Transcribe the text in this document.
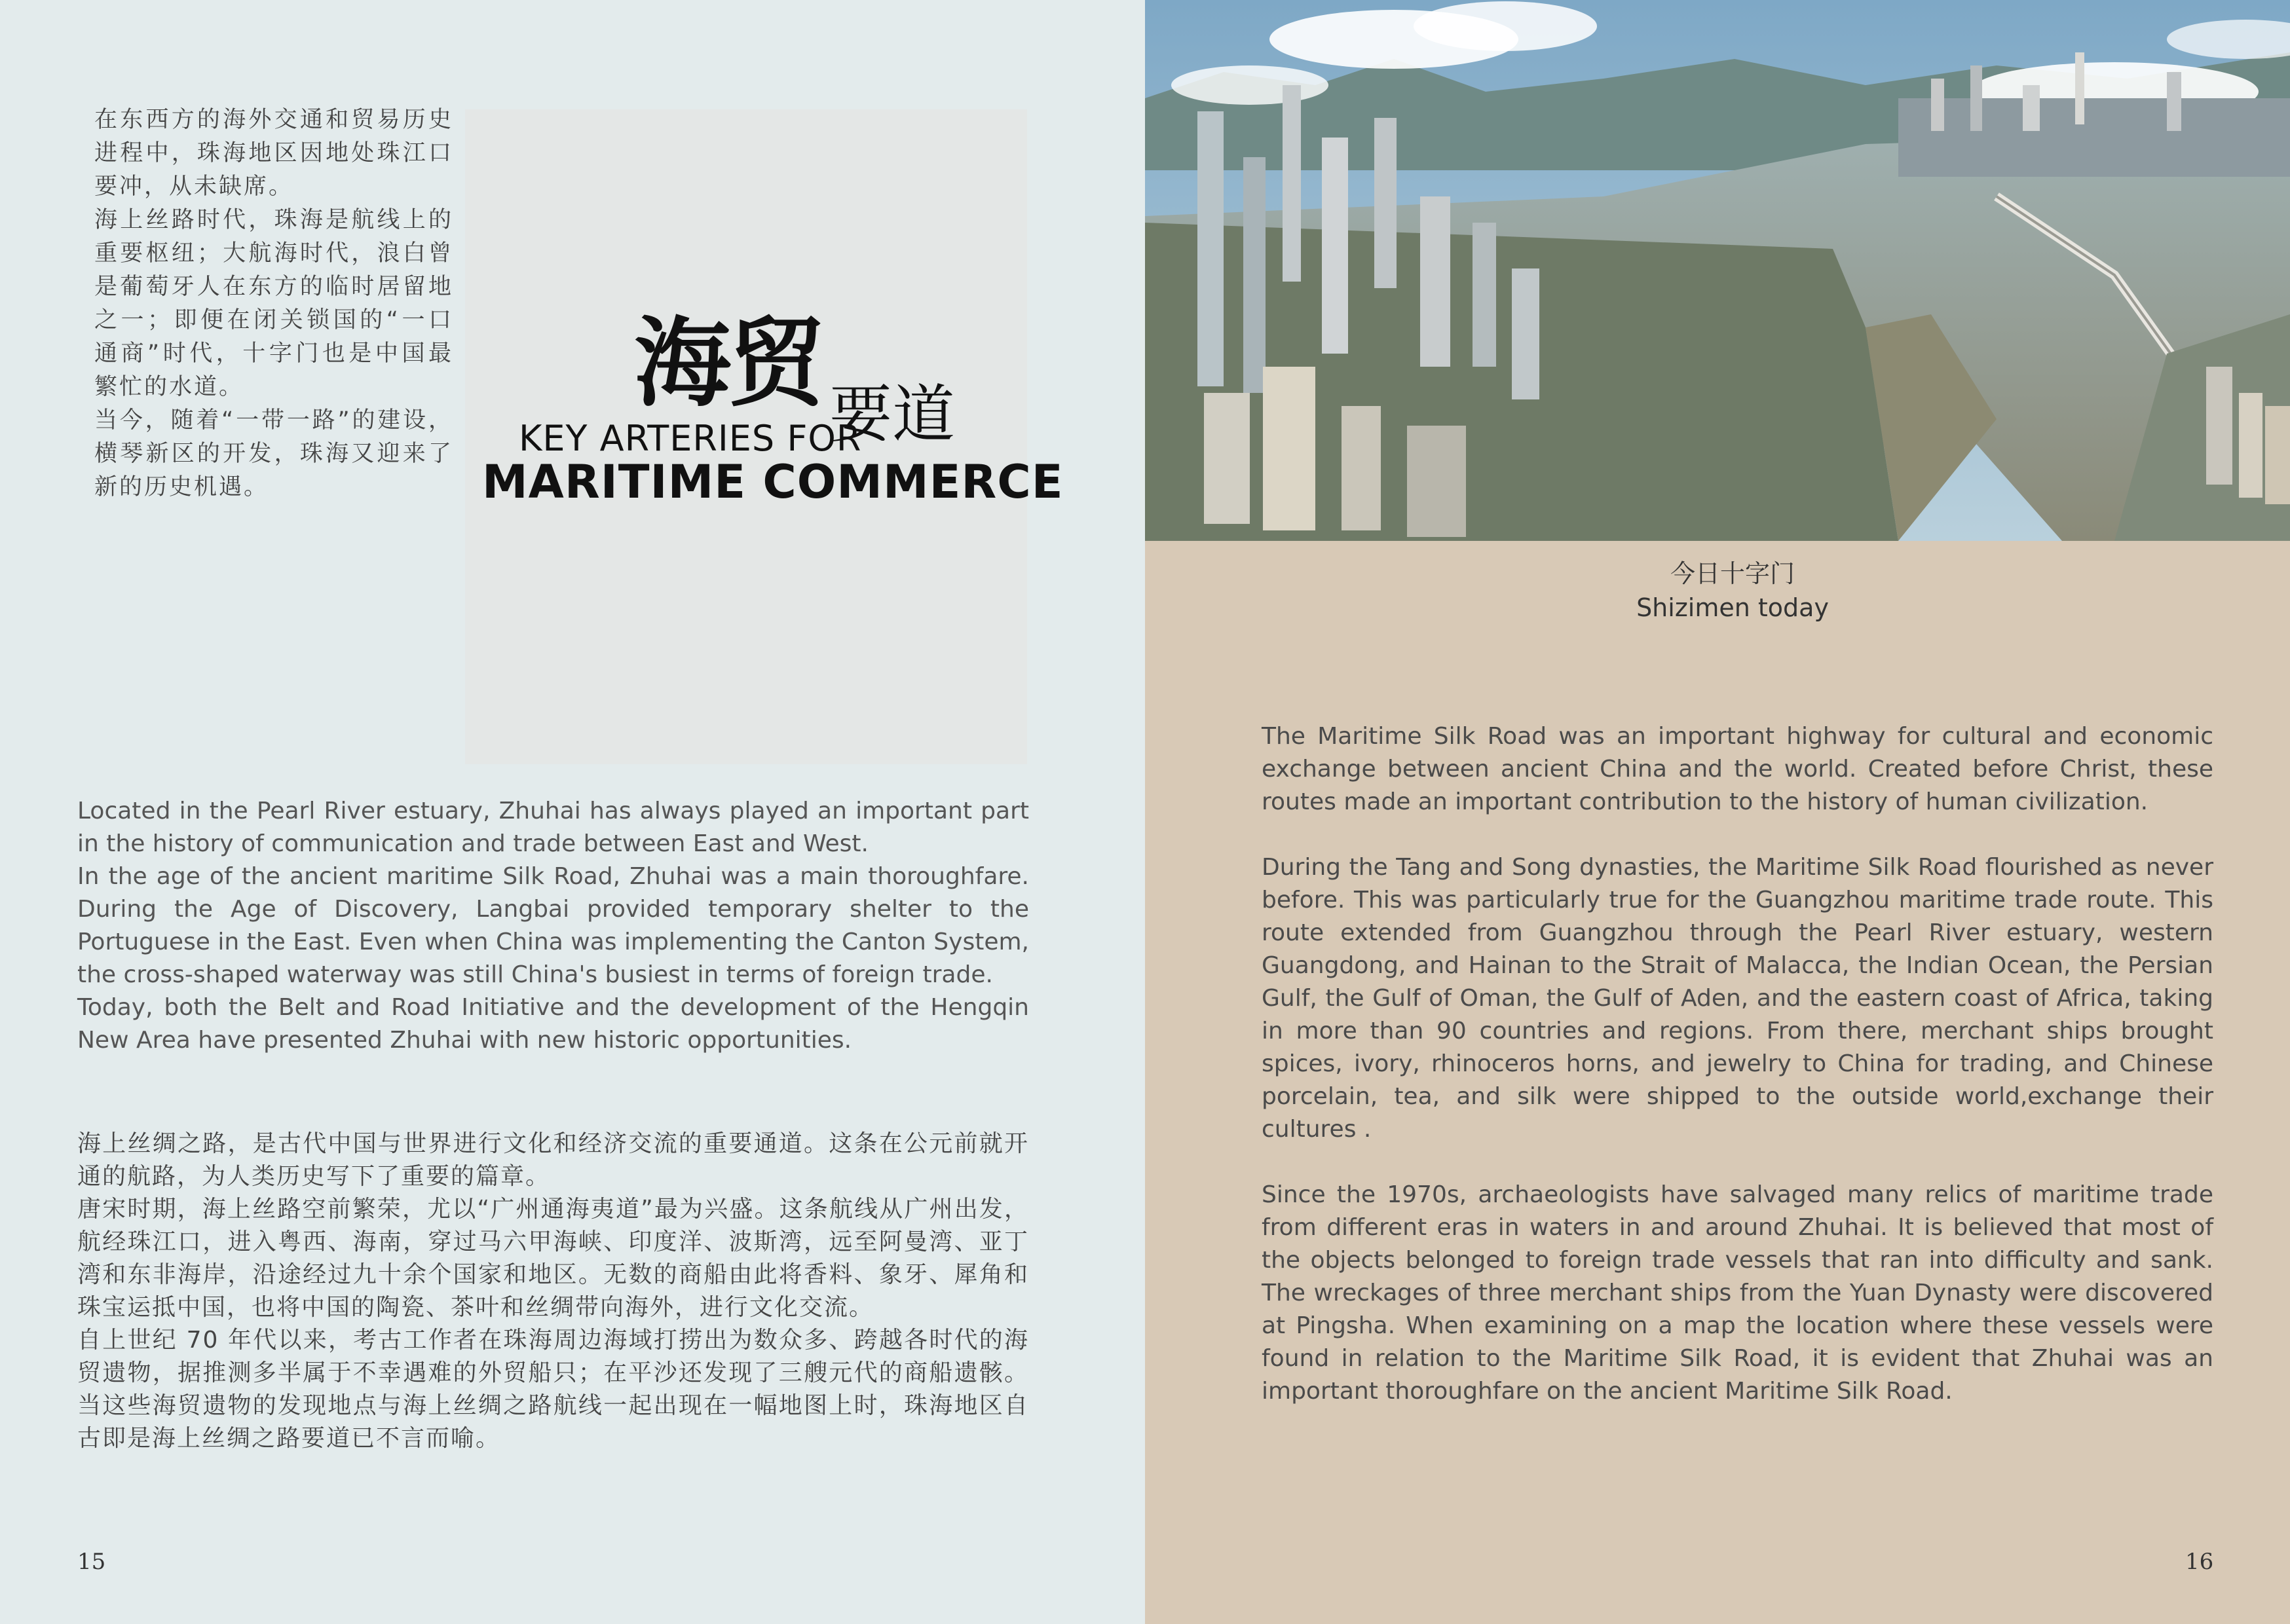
在东西方的海外交通和贸易历史进程中，珠海地区因地处珠江口要冲，从未缺席。

海上丝路时代，珠海是航线上的重要枢纽；大航海时代，浪白曾是葡萄牙人在东方的临时居留地之一；即便在闭关锁国的“一口通商”时代，十字门也是中国最繁忙的水道。

当今，随着“一带一路”的建设，横琴新区的开发，珠海又迎来了新的历史机遇。

海贸 要道
KEY ARTERIES FOR
MARITIME COMMERCE

Located in the Pearl River estuary, Zhuhai has always played an important part in the history of communication and trade between East and West.

In the age of the ancient maritime Silk Road, Zhuhai was a main thoroughfare. During the Age of Discovery, Langbai provided temporary shelter to the Portuguese in the East. Even when China was implementing the Canton System, the cross-shaped waterway was still China's busiest in terms of foreign trade.

Today, both the Belt and Road Initiative and the development of the Hengqin New Area have presented Zhuhai with new historic opportunities.

海上丝绸之路，是古代中国与世界进行文化和经济交流的重要通道。这条在公元前就开通的航路，为人类历史写下了重要的篇章。

唐宋时期，海上丝路空前繁荣，尤以“广州通海夷道”最为兴盛。这条航线从广州出发，航经珠江口，进入粤西、海南，穿过马六甲海峡、印度洋、波斯湾，远至阿曼湾、亚丁湾和东非海岸，沿途经过九十余个国家和地区。无数的商船由此将香料、象牙、犀角和珠宝运抵中国，也将中国的陶瓷、茶叶和丝绸带向海外，进行文化交流。

自上世纪 70 年代以来，考古工作者在珠海周边海域打捞出为数众多、跨越各时代的海贸遗物，据推测多半属于不幸遇难的外贸船只；在平沙还发现了三艘元代的商船遗骸。当这些海贸遗物的发现地点与海上丝绸之路航线一起出现在一幅地图上时，珠海地区自古即是海上丝绸之路要道已不言而喻。

15
今日十字门
Shizimen today

The Maritime Silk Road was an important highway for cultural and economic exchange between ancient China and the world. Created before Christ, these routes made an important contribution to the history of human civilization.

During the Tang and Song dynasties, the Maritime Silk Road flourished as never before. This was particularly true for the Guangzhou maritime trade route. This route extended from Guangzhou through the Pearl River estuary, western Guangdong, and Hainan to the Strait of Malacca, the Indian Ocean, the Persian Gulf, the Gulf of Oman, the Gulf of Aden, and the eastern coast of Africa, taking in more than 90 countries and regions. From there, merchant ships brought spices, ivory, rhinoceros horns, and jewelry to China for trading, and Chinese porcelain, tea, and silk were shipped to the outside world,exchange their cultures .

Since the 1970s, archaeologists have salvaged many relics of maritime trade from different eras in waters in and around Zhuhai. It is believed that most of the objects belonged to foreign trade vessels that ran into difficulty and sank. The wreckages of three merchant ships from the Yuan Dynasty were discovered at Pingsha. When examining on a map the location where these vessels were found in relation to the Maritime Silk Road, it is evident that Zhuhai was an important thoroughfare on the ancient Maritime Silk Road.

16
